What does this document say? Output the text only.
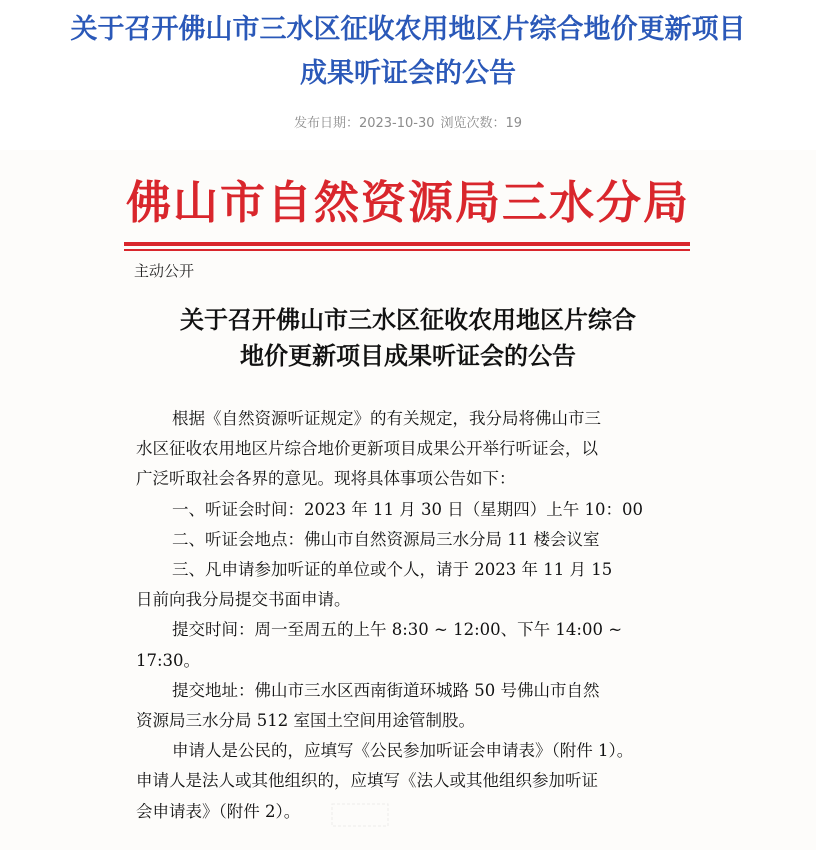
关于召开佛山市三水区征收农用地区片综合地价更新项目
成果听证会的公告
发布日期：2023-10-30 浏览次数：19
佛山市自然资源局三水分局
主动公开
关于召开佛山市三水区征收农用地区片综合
地价更新项目成果听证会的公告
根据《自然资源听证规定》的有关规定，我分局将佛山市三
水区征收农用地区片综合地价更新项目成果公开举行听证会，以
广泛听取社会各界的意见。现将具体事项公告如下：
一、听证会时间：2023 年 11 月 30 日（星期四）上午 10：00
二、听证会地点：佛山市自然资源局三水分局 11 楼会议室
三、凡申请参加听证的单位或个人，请于 2023 年 11 月 15
日前向我分局提交书面申请。
提交时间：周一至周五的上午 8:30 ~ 12:00、下午 14:00 ~
17:30。
提交地址：佛山市三水区西南街道环城路 50 号佛山市自然
资源局三水分局 512 室国土空间用途管制股。
申请人是公民的，应填写《公民参加听证会申请表》（附件 1）。
申请人是法人或其他组织的，应填写《法人或其他组织参加听证
会申请表》（附件 2）。
